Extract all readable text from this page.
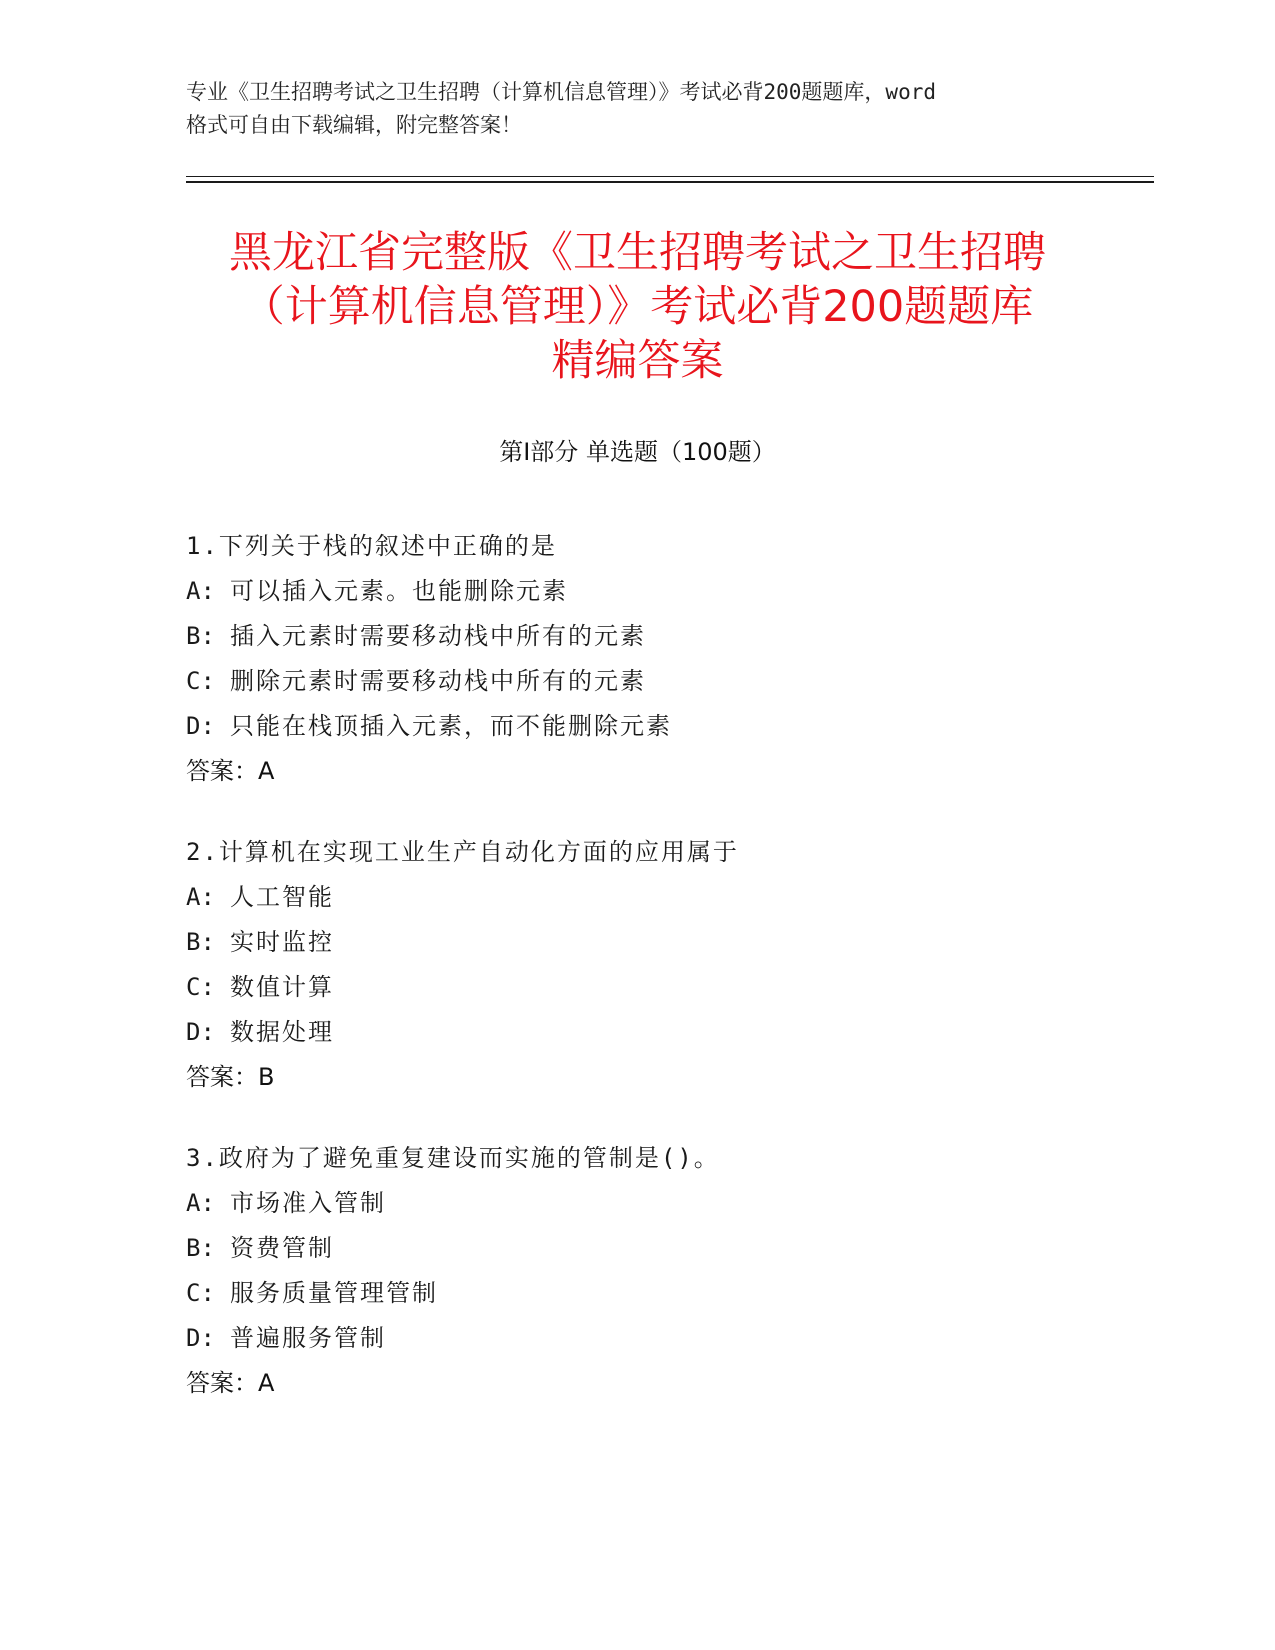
专业《卫生招聘考试之卫生招聘（计算机信息管理）》考试必背200题题库，word
格式可自由下载编辑，附完整答案！
黑龙江省完整版《卫生招聘考试之卫生招聘
（计算机信息管理）》考试必背200题题库
精编答案
第Ⅰ部分 单选题（100题）
1.下列关于栈的叙述中正确的是
A: 可以插入元素。也能删除元素
B: 插入元素时需要移动栈中所有的元素
C: 删除元素时需要移动栈中所有的元素
D: 只能在栈顶插入元素，而不能删除元素
答案：A
2.计算机在实现工业生产自动化方面的应用属于
A: 人工智能
B: 实时监控
C: 数值计算
D: 数据处理
答案：B
3.政府为了避免重复建设而实施的管制是()。
A: 市场准入管制
B: 资费管制
C: 服务质量管理管制
D: 普遍服务管制
答案：A
